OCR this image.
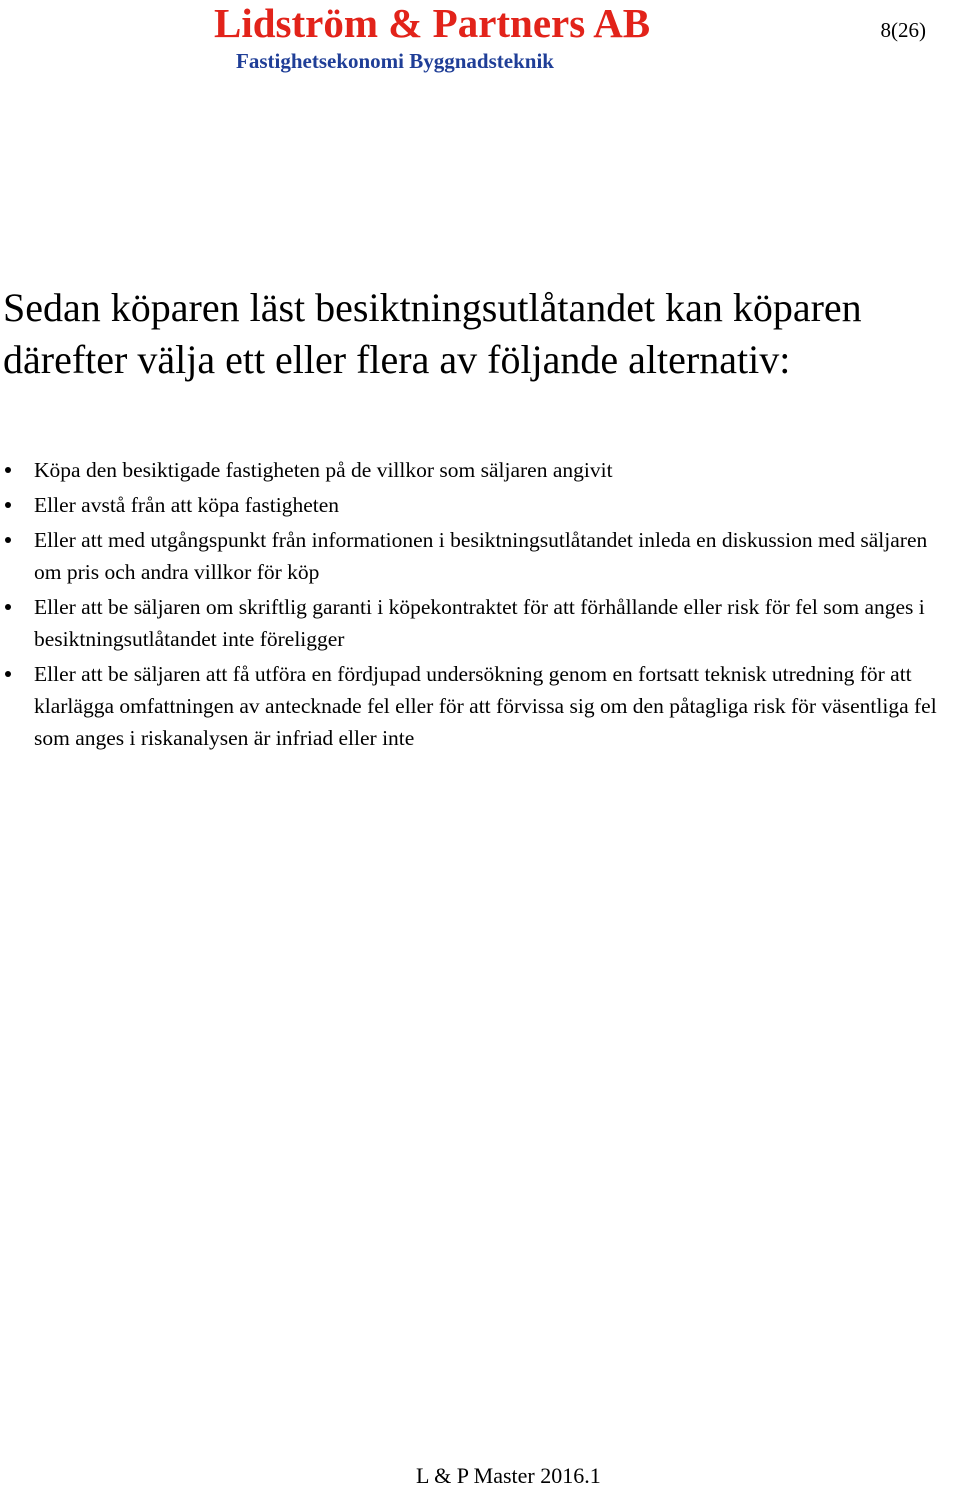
Lidström & Partners AB
Fastighetsekonomi Byggnadsteknik
8(26)
Sedan köparen läst besiktningsutlåtandet kan köparen därefter välja ett eller flera av följande alternativ:
Köpa den besiktigade fastigheten på de villkor som säljaren angivit
Eller avstå från att köpa fastigheten
Eller att med utgångspunkt från informationen i besiktningsutlåtandet inleda en diskussion med säljaren om pris och andra villkor för köp
Eller att be säljaren om skriftlig garanti i köpekontraktet för att förhållande eller risk för fel som anges i besiktningsutlåtandet inte föreligger
Eller att be säljaren att få utföra en fördjupad undersökning genom en fortsatt teknisk utredning för att klarlägga omfattningen av antecknade fel eller för att förvissa sig om den påtagliga risk för väsentliga fel som anges i riskanalysen är infriad eller inte
L & P Master 2016.1
